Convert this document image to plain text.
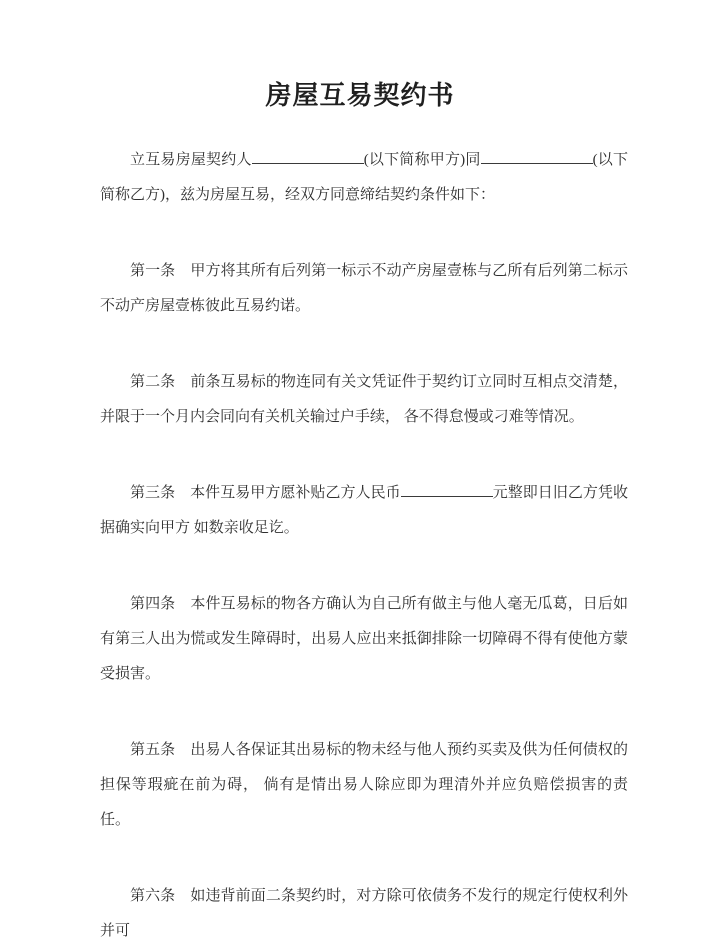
房屋互易契约书

立互易房屋契约人	(以下简称甲方)同	(以下简称乙方)，兹为房屋互易，经双方同意缔结契约条件如下：

第一条　甲方将其所有后列第一标示不动产房屋壹栋与乙所有后列第二标示不动产房屋壹栋彼此互易约诺。

第二条　前条互易标的物连同有关文凭证件于契约订立同时互相点交清楚，并限于一个月内会同向有关机关输过户手续， 各不得怠慢或刁难等情况。

第三条　本件互易甲方愿补贴乙方人民币	元整即日旧乙方凭收据确实向甲方 如数亲收足讫。

第四条　本件互易标的物各方确认为自己所有做主与他人毫无瓜葛，日后如有第三人出为慌或发生障碍时，出易人应出来抵御排除一切障碍不得有使他方蒙受损害。

第五条　出易人各保证其出易标的物未经与他人预约买卖及供为任何债权的担保等瑕疵在前为碍， 倘有是情出易人除应即为理清外并应负赔偿损害的责任。

第六条　如违背前面二条契约时，对方除可依债务不发行的规定行使权利外并可
